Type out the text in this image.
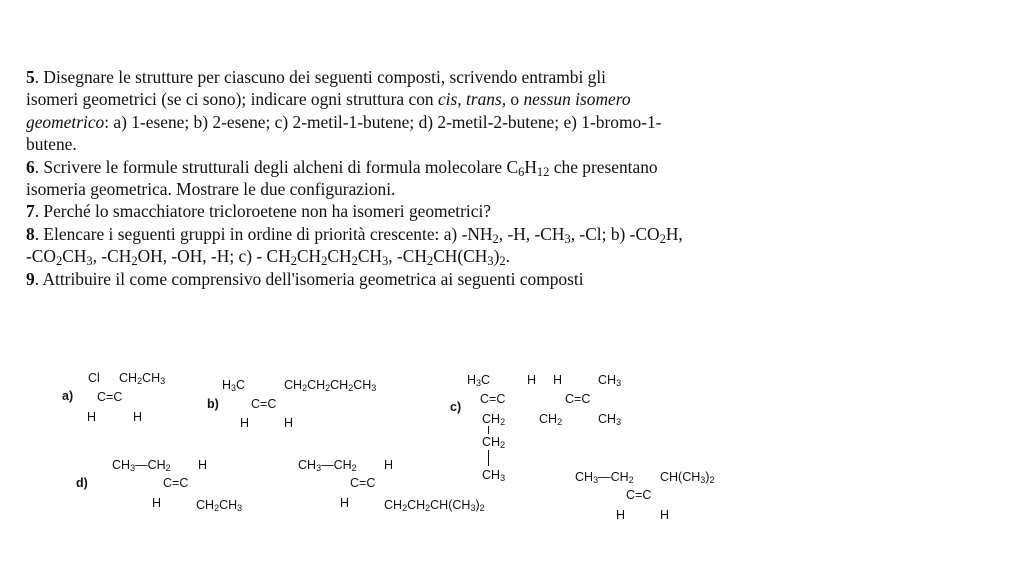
5. Disegnare le strutture per ciascuno dei seguenti composti, scrivendo entrambi gli
isomeri geometrici (se ci sono); indicare ogni struttura con cis, trans, o nessun isomero
geometrico: a) 1-esene; b) 2-esene; c) 2-metil-1-butene; d) 2-metil-2-butene; e) 1-bromo-1-
butene.
6. Scrivere le formule strutturali degli alcheni di formula molecolare $C_6H_{12}$ che presentano
isomeria geometrica. Mostrare le due configurazioni.
7. Perché lo smacchiatore tricloroetene non ha isomeri geometrici?
8. Elencare i seguenti gruppi in ordine di priorità crescente: a) $-NH_2$, -H, $-CH_3$, -Cl; b) $-CO_2H$,
$-CO_2CH_3$, $-CH_2OH$, -OH, -H; $c) - CH_2CH_2CH_2CH_3$, $-CH_2CH(CH_3)_2$.
9. Attribuire il come comprensivo dell'isomeria geometrica ai seguenti composti
a)
Cl $CH_2CH_3$
C=C
H	H
b)
$H_3C$	$CH_2CH_2CH_2CH_3$
C=C
H	H
c)
$H_3C$	H H	$CH_3$
C=C	C=C
$CH_2$	$CH_3$
$CH_2$
$CH_2$
$CH_3$
d)
$CH_3—CH_2$ H
C=C
H	$CH_2CH_3$
$CH_3—CH_2$ H
C=C
H	$CH_2CH_2CH(CH_3)_2$
$CH_3—CH_2$ $CH(CH_3)_2$
C=C
H	H
